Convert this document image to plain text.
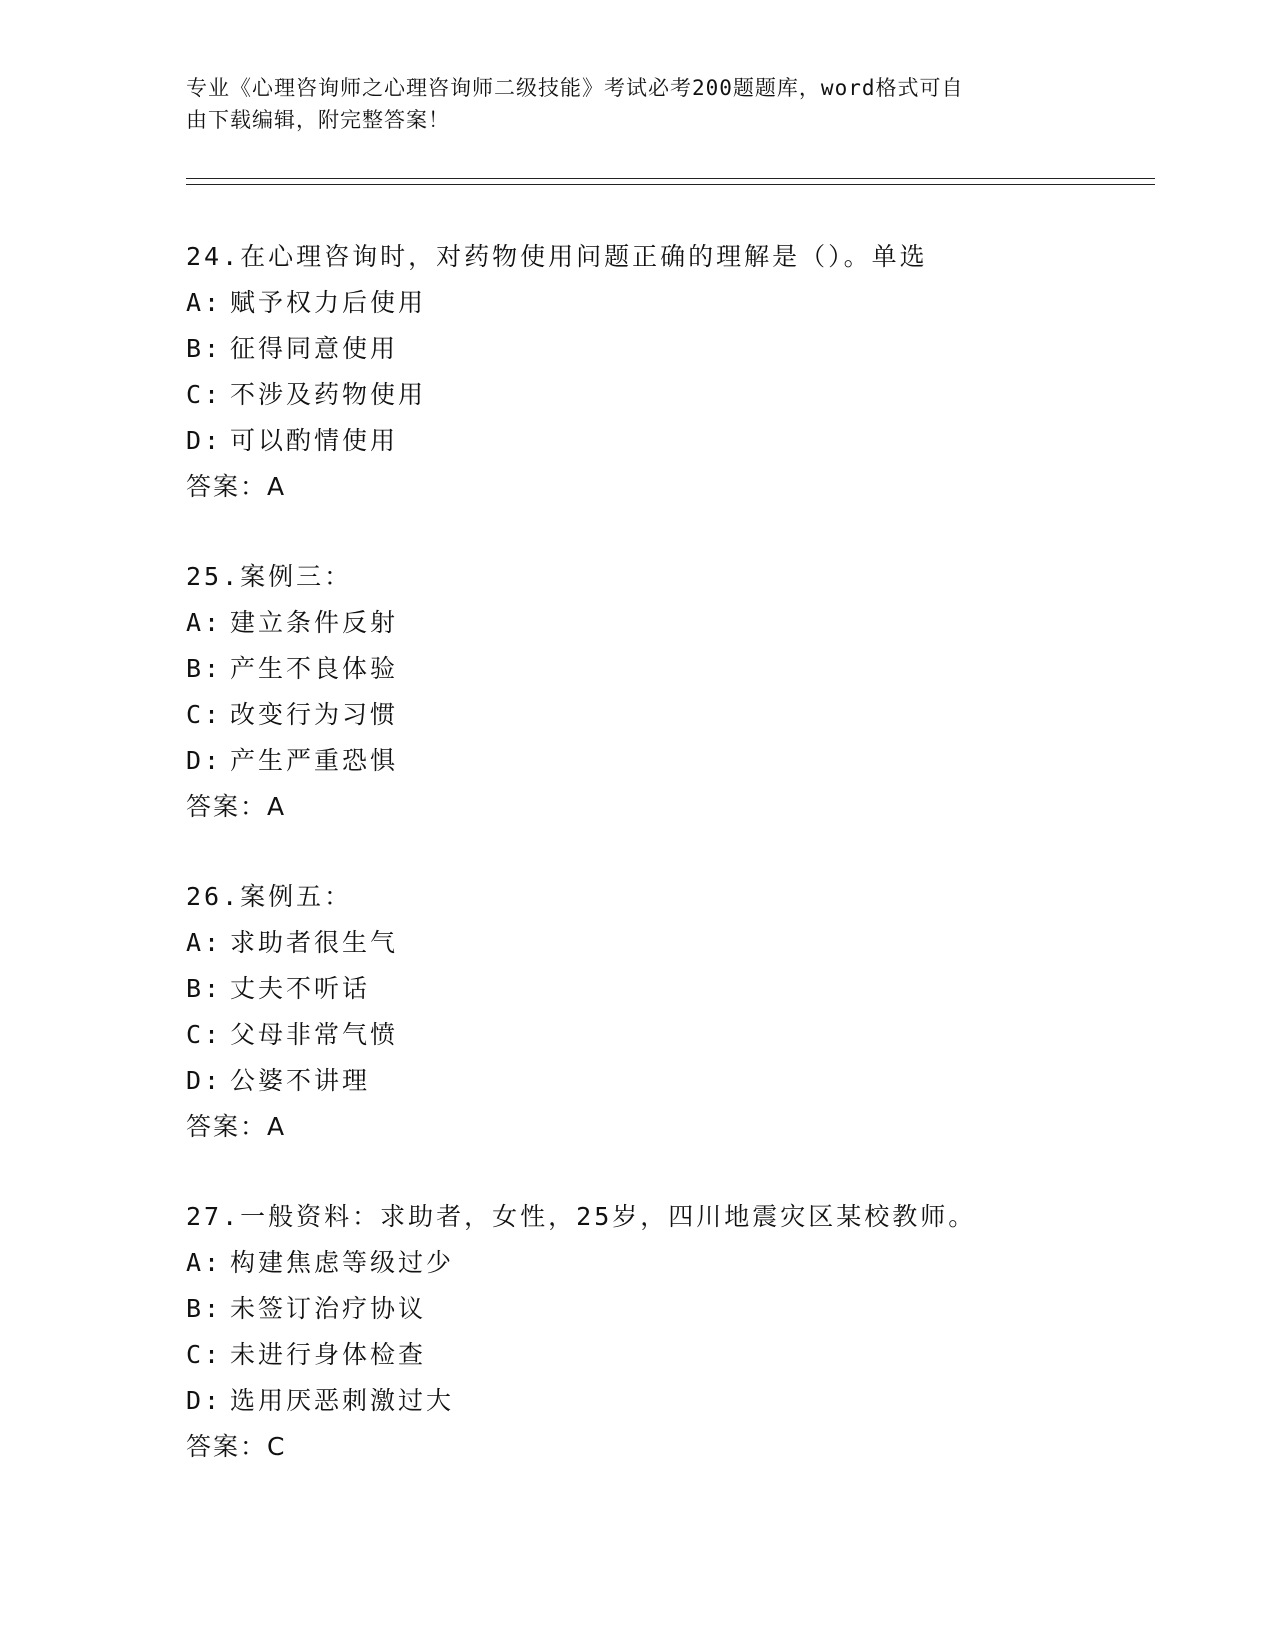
专业《心理咨询师之心理咨询师二级技能》考试必考200题题库，word格式可自
由下载编辑，附完整答案！
24.在心理咨询时，对药物使用问题正确的理解是（）。单选
A: 赋予权力后使用
B: 征得同意使用
C: 不涉及药物使用
D: 可以酌情使用
答案：A
25.案例三：
A: 建立条件反射
B: 产生不良体验
C: 改变行为习惯
D: 产生严重恐惧
答案：A
26.案例五：
A: 求助者很生气
B: 丈夫不听话
C: 父母非常气愤
D: 公婆不讲理
答案：A
27.一般资料：求助者，女性，25岁，四川地震灾区某校教师。
A: 构建焦虑等级过少
B: 未签订治疗协议
C: 未进行身体检查
D: 选用厌恶刺激过大
答案：C
